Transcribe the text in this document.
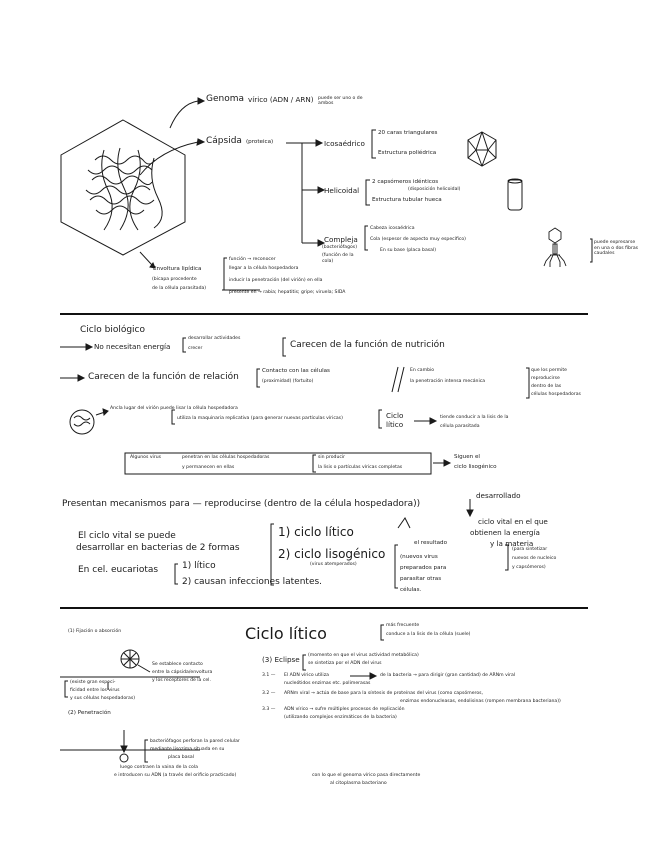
Genoma vírico (ADN / ARN) puede ser uno o de ambos
Cápsida (proteica)	Icosaédrico
20 caras triangulares
Estructura poliédrica
Helicoidal
2 capsómeros idénticos
(disposición helicoidal)
Estructura tubular hueca
Compleja
(bacteriófagos)
(función de la
cola)
Cabeza icosaédrica
Cola (espesor de aspecto muy específico)
En su base (placa basal)
puede expresarse en una o dos fibras caudales
Envoltura lipídica
(bicapa procedente
de la célula parasitada)
función → reconocer
llegar a la célula hospedadora
inducir la penetración (del virión) en ella
presente en → rabia; hepatitis; gripe; viruela; SIDA
Ciclo biológico
No necesitan energía
desarrollar actividades
crecer	Carecen de la función de nutrición
Carecen de la función de relación
Contacto con las células
(proximidad) (fortuito)
En cambio
la penetración intensa mecánica
que los permite
reproducirse
dentro de las
células hospedadoras
Ancla lugar del virión puede lisar la célula hospedadora
utiliza la maquinaria replicativa (para generar nuevas partículas víricas)	Ciclo lítico
tiende conducir a la lisis de la
célula parasitada
Algunos virus	penetran en las células hospedadoras
y permanecen en ellas
sin producir
la lisis o partículas víricas completas
Siguen el
ciclo lisogénico
Presentan mecanismos para — reproducirse (dentro de la célula hospedadora))
desarrollado
ciclo vital en el que
obtienen la energía
y la materia
(para sintetizar
nuevos de nucleico
y capsómeros)
El ciclo vital se puede
desarrollar en bacterias de 2 formas
1) ciclo lítico
2) ciclo lisogénico
(virus atemperados)
el resultado
(nuevos virus
preparados para
parasitar otras
células.
En cel. eucariotas	1) lítico
2) causan infecciones latentes.
Ciclo lítico	más frecuente
conduce a la lisis de la célula (suele)
(1) Fijación o absorción
Se establece contacto
entre la cápsida/envoltura
y los receptores de la cel.
(existe gran especi-
ficidad entre los virus
y sus células hospedadoras)
(2) Penetración
bacteriófagos perforan la pared celular
mediante lisozima situada en su
placa basal
luego contraen la vaina de la cola
e introducen su ADN (a través del orificio practicado)	con lo que el genoma vírico pasa directamente
al citoplasma bacteriano
(3) Eclipse (momento en que el virus actividad metabólica)
se sintetiza por el ADN del virus
3.1 — El ADN vírico utiliza
nucleótidos enzimas etc. polimerasas
de la bacteria → para dirigir (gran cantidad) de ARNm viral
3.2 — ARNm viral → actúa de base para la síntesis de proteínas del virus (como capsómeros,
enzimas endonucleasas, endolisinas (rompen membrana bacteriana))
3.3 — ADN vírico → sufre múltiples procesos de replicación
(utilizando complejos enzimáticos de la bacteria)
